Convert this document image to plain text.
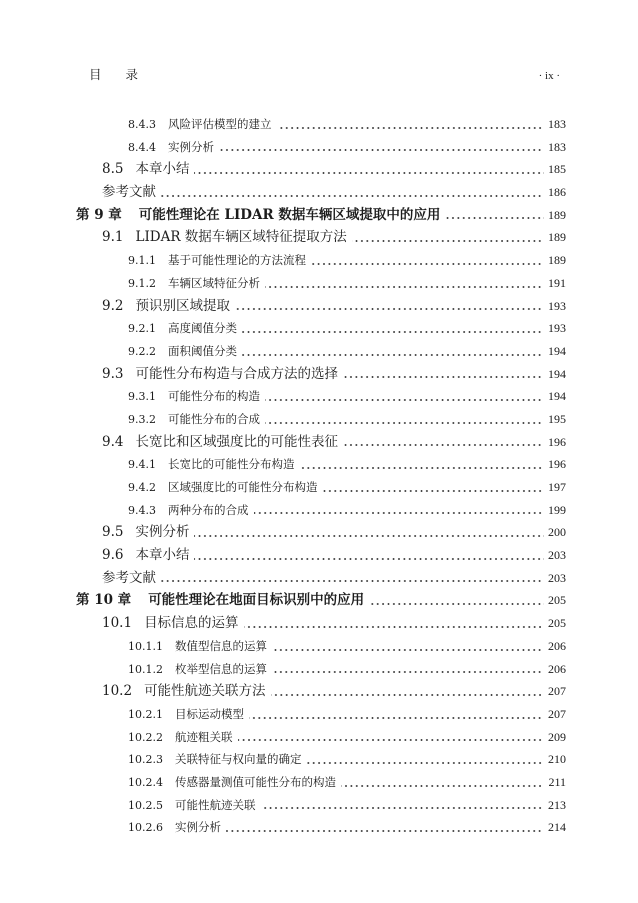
目 录	· ix ·
8.4.3 风险评估模型的建立	183
8.4.4 实例分析	183
8.5 本章小结	185
参考文献	186
第 9 章 可能性理论在 LIDAR 数据车辆区域提取中的应用	189
9.1 LIDAR 数据车辆区域特征提取方法	189
9.1.1 基于可能性理论的方法流程	189
9.1.2 车辆区域特征分析	191
9.2 预识别区域提取	193
9.2.1 高度阈值分类	193
9.2.2 面积阈值分类	194
9.3 可能性分布构造与合成方法的选择	194
9.3.1 可能性分布的构造	194
9.3.2 可能性分布的合成	195
9.4 长宽比和区域强度比的可能性表征	196
9.4.1 长宽比的可能性分布构造	196
9.4.2 区域强度比的可能性分布构造	197
9.4.3 两种分布的合成	199
9.5 实例分析	200
9.6 本章小结	203
参考文献	203
第 10 章 可能性理论在地面目标识别中的应用	205
10.1 目标信息的运算	205
10.1.1 数值型信息的运算	206
10.1.2 枚举型信息的运算	206
10.2 可能性航迹关联方法	207
10.2.1 目标运动模型	207
10.2.2 航迹粗关联	209
10.2.3 关联特征与权向量的确定	210
10.2.4 传感器量测值可能性分布的构造	211
10.2.5 可能性航迹关联	213
10.2.6 实例分析	214
